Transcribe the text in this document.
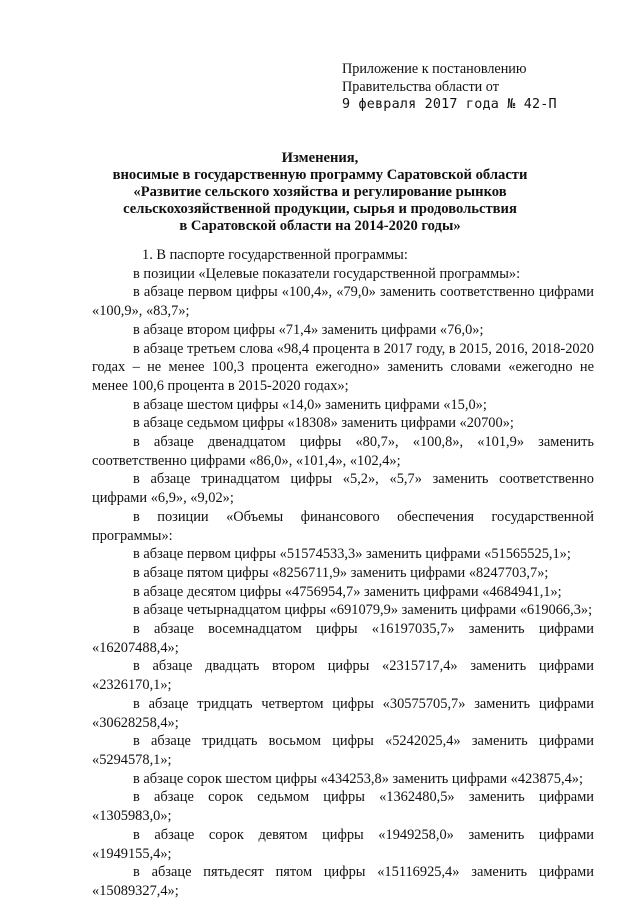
Приложение к постановлению
Правительства области от
9 февраля 2017 года № 42-П
Изменения,
вносимые в государственную программу Саратовской области
«Развитие сельского хозяйства и регулирование рынков
сельскохозяйственной продукции, сырья и продовольствия
в Саратовской области на 2014-2020 годы»

1. В паспорте государственной программы:

в позиции «Целевые показатели государственной программы»:

в абзаце первом цифры «100,4», «79,0» заменить соответственно цифрами «100,9», «83,7»;

в абзаце втором цифры «71,4» заменить цифрами «76,0»;

в абзаце третьем слова «98,4 процента в 2017 году, в 2015, 2016, 2018-2020 годах – не менее 100,3 процента ежегодно» заменить словами «ежегодно не менее 100,6 процента в 2015-2020 годах»;

в абзаце шестом цифры «14,0» заменить цифрами «15,0»;

в абзаце седьмом цифры «18308» заменить цифрами «20700»;

в абзаце двенадцатом цифры «80,7», «100,8», «101,9» заменить соответственно цифрами «86,0», «101,4», «102,4»;

в абзаце тринадцатом цифры «5,2», «5,7» заменить соответственно цифрами «6,9», «9,02»;

в позиции «Объемы финансового обеспечения государственной программы»:

в абзаце первом цифры «51574533,3» заменить цифрами «51565525,1»;

в абзаце пятом цифры «8256711,9» заменить цифрами «8247703,7»;

в абзаце десятом цифры «4756954,7» заменить цифрами «4684941,1»;

в абзаце четырнадцатом цифры «691079,9» заменить цифрами «619066,3»;

в абзаце восемнадцатом цифры «16197035,7» заменить цифрами «16207488,4»;

в абзаце двадцать втором цифры «2315717,4» заменить цифрами «2326170,1»;

в абзаце тридцать четвертом цифры «30575705,7» заменить цифрами «30628258,4»;

в абзаце тридцать восьмом цифры «5242025,4» заменить цифрами «5294578,1»;

в абзаце сорок шестом цифры «434253,8» заменить цифрами «423875,4»;

в абзаце сорок седьмом цифры «1362480,5» заменить цифрами «1305983,0»;

в абзаце сорок девятом цифры «1949258,0» заменить цифрами «1949155,4»;

в абзаце пятьдесят пятом цифры «15116925,4» заменить цифрами «15089327,4»;
